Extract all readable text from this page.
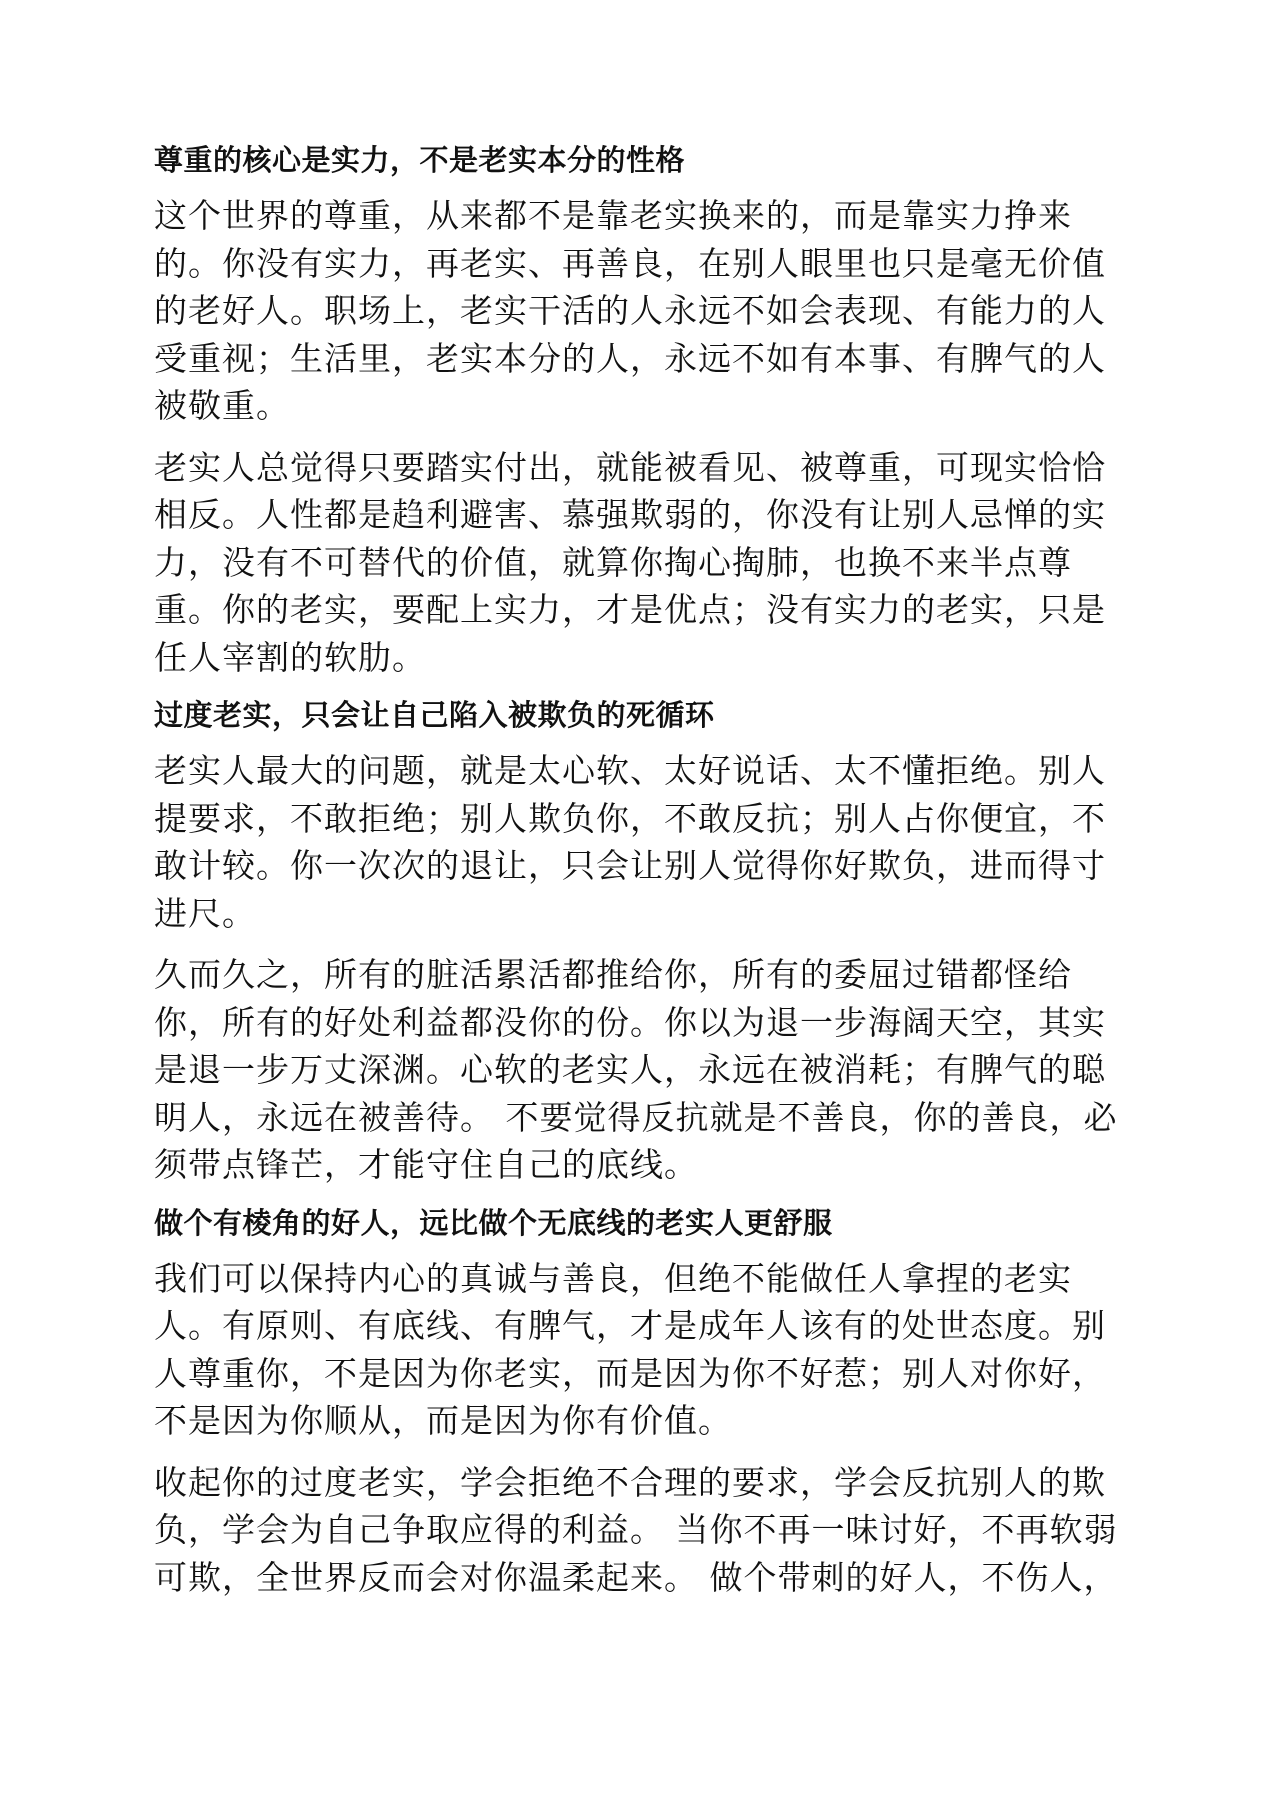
尊重的核心是实力，不是老实本分的性格

这个世界的尊重，从来都不是靠老实换来的，而是靠实力挣来的。你没有实力，再老实、再善良，在别人眼里也只是毫无价值的老好人。职场上，老实干活的人永远不如会表现、有能力的人受重视；生活里，老实本分的人，永远不如有本事、有脾气的人被敬重。

老实人总觉得只要踏实付出，就能被看见、被尊重，可现实恰恰相反。人性都是趋利避害、慕强欺弱的，你没有让别人忌惮的实力，没有不可替代的价值，就算你掏心掏肺，也换不来半点尊重。你的老实，要配上实力，才是优点；没有实力的老实，只是任人宰割的软肋。

过度老实，只会让自己陷入被欺负的死循环

老实人最大的问题，就是太心软、太好说话、太不懂拒绝。别人提要求，不敢拒绝；别人欺负你，不敢反抗；别人占你便宜，不敢计较。你一次次的退让，只会让别人觉得你好欺负，进而得寸进尺。

久而久之，所有的脏活累活都推给你，所有的委屈过错都怪给你，所有的好处利益都没你的份。你以为退一步海阔天空，其实是退一步万丈深渊。心软的老实人，永远在被消耗；有脾气的聪明人，永远在被善待。 不要觉得反抗就是不善良，你的善良，必须带点锋芒，才能守住自己的底线。

做个有棱角的好人，远比做个无底线的老实人更舒服

我们可以保持内心的真诚与善良，但绝不能做任人拿捏的老实人。有原则、有底线、有脾气，才是成年人该有的处世态度。别人尊重你，不是因为你老实，而是因为你不好惹；别人对你好，不是因为你顺从，而是因为你有价值。

收起你的过度老实，学会拒绝不合理的要求，学会反抗别人的欺负，学会为自己争取应得的利益。 当你不再一味讨好，不再软弱可欺，全世界反而会对你温柔起来。 做个带刺的好人，不伤人，
